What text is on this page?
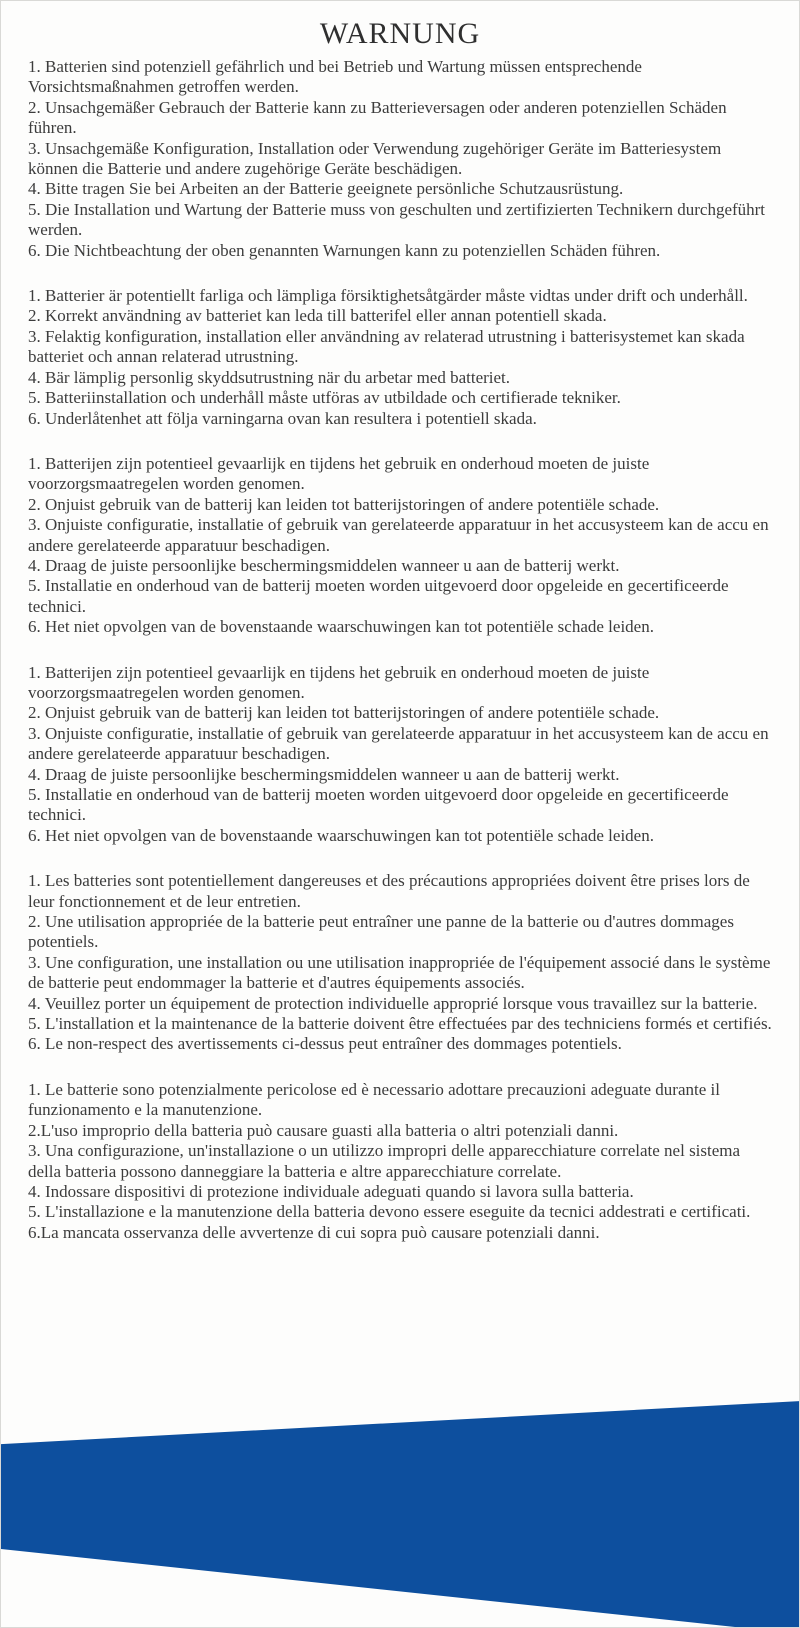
WARNUNG

1. Batterien sind potenziell gefährlich und bei Betrieb und Wartung müssen entsprechende Vorsichtsmaßnahmen getroffen werden.

2. Unsachgemäßer Gebrauch der Batterie kann zu Batterieversagen oder anderen potenziellen Schäden führen.

3. Unsachgemäße Konfiguration, Installation oder Verwendung zugehöriger Geräte im Batteriesystem können die Batterie und andere zugehörige Geräte beschädigen.

4. Bitte tragen Sie bei Arbeiten an der Batterie geeignete persönliche Schutzausrüstung.

5. Die Installation und Wartung der Batterie muss von geschulten und zertifizierten Technikern durchgeführt werden.

6. Die Nichtbeachtung der oben genannten Warnungen kann zu potenziellen Schäden führen.

1. Batterier är potentiellt farliga och lämpliga försiktighetsåtgärder måste vidtas under drift och underhåll.

2. Korrekt användning av batteriet kan leda till batterifel eller annan potentiell skada.

3. Felaktig konfiguration, installation eller användning av relaterad utrustning i batterisystemet kan skada batteriet och annan relaterad utrustning.

4. Bär lämplig personlig skyddsutrustning när du arbetar med batteriet.

5. Batteriinstallation och underhåll måste utföras av utbildade och certifierade tekniker.

6. Underlåtenhet att följa varningarna ovan kan resultera i potentiell skada.

1. Batterijen zijn potentieel gevaarlijk en tijdens het gebruik en onderhoud moeten de juiste voorzorgsmaatregelen worden genomen.

2. Onjuist gebruik van de batterij kan leiden tot batterijstoringen of andere potentiële schade.

3. Onjuiste configuratie, installatie of gebruik van gerelateerde apparatuur in het accusysteem kan de accu en andere gerelateerde apparatuur beschadigen.

4. Draag de juiste persoonlijke beschermingsmiddelen wanneer u aan de batterij werkt.

5. Installatie en onderhoud van de batterij moeten worden uitgevoerd door opgeleide en gecertificeerde technici.

6. Het niet opvolgen van de bovenstaande waarschuwingen kan tot potentiële schade leiden.

1. Batterijen zijn potentieel gevaarlijk en tijdens het gebruik en onderhoud moeten de juiste voorzorgsmaatregelen worden genomen.

2. Onjuist gebruik van de batterij kan leiden tot batterijstoringen of andere potentiële schade.

3. Onjuiste configuratie, installatie of gebruik van gerelateerde apparatuur in het accusysteem kan de accu en andere gerelateerde apparatuur beschadigen.

4. Draag de juiste persoonlijke beschermingsmiddelen wanneer u aan de batterij werkt.

5. Installatie en onderhoud van de batterij moeten worden uitgevoerd door opgeleide en gecertificeerde technici.

6. Het niet opvolgen van de bovenstaande waarschuwingen kan tot potentiële schade leiden.

1. Les batteries sont potentiellement dangereuses et des précautions appropriées doivent être prises lors de leur fonctionnement et de leur entretien.

2. Une utilisation appropriée de la batterie peut entraîner une panne de la batterie ou d'autres dommages potentiels.

3. Une configuration, une installation ou une utilisation inappropriée de l'équipement associé dans le système de batterie peut endommager la batterie et d'autres équipements associés.

4. Veuillez porter un équipement de protection individuelle approprié lorsque vous travaillez sur la batterie.

5. L'installation et la maintenance de la batterie doivent être effectuées par des techniciens formés et certifiés.

6. Le non-respect des avertissements ci-dessus peut entraîner des dommages potentiels.

1. Le batterie sono potenzialmente pericolose ed è necessario adottare precauzioni adeguate durante il funzionamento e la manutenzione.

2.L'uso improprio della batteria può causare guasti alla batteria o altri potenziali danni.

3. Una configurazione, un'installazione o un utilizzo impropri delle apparecchiature correlate nel sistema della batteria possono danneggiare la batteria e altre apparecchiature correlate.

4. Indossare dispositivi di protezione individuale adeguati quando si lavora sulla batteria.

5. L'installazione e la manutenzione della batteria devono essere eseguite da tecnici addestrati e certificati.

6.La mancata osservanza delle avvertenze di cui sopra può causare potenziali danni.
